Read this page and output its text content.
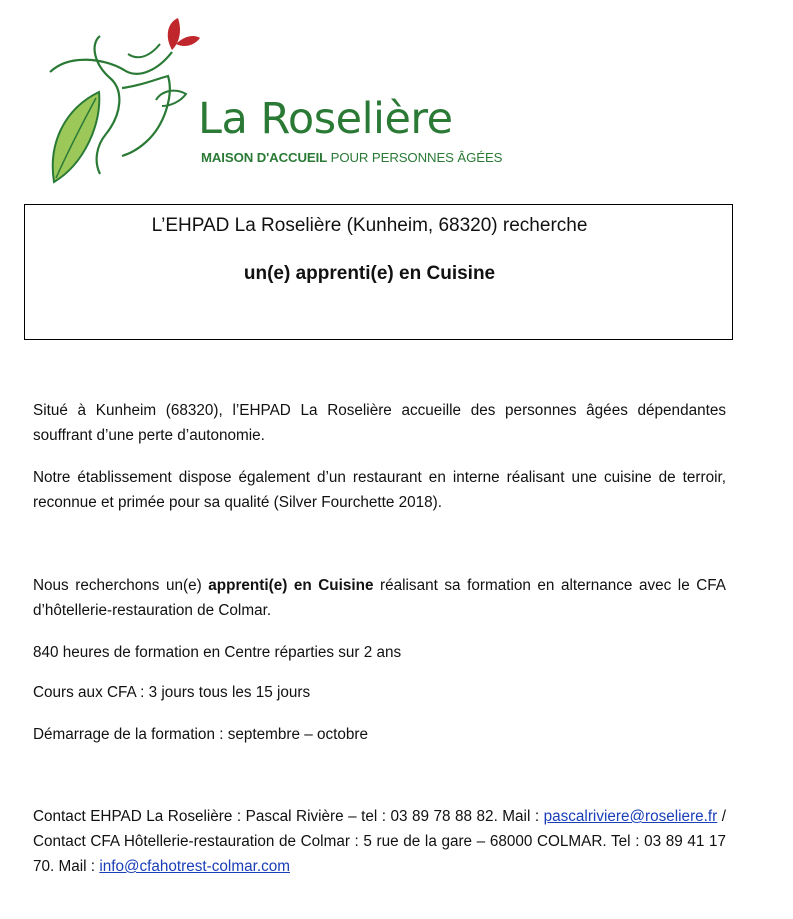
La Roselière
MAISON D'ACCUEIL POUR PERSONNES ÂGÉES
L’EHPAD La Roselière (Kunheim, 68320) recherche
un(e) apprenti(e) en Cuisine

Situé à Kunheim (68320), l’EHPAD La Roselière accueille des personnes âgées dépendantes souffrant d’une perte d’autonomie.

Notre établissement dispose également d’un restaurant en interne réalisant une cuisine de terroir, reconnue et primée pour sa qualité (Silver Fourchette 2018).

Nous recherchons un(e) apprenti(e) en Cuisine réalisant sa formation en alternance avec le CFA d’hôtellerie-restauration de Colmar.

840 heures de formation en Centre réparties sur 2 ans

Cours aux CFA : 3 jours tous les 15 jours

Démarrage de la formation : septembre – octobre

Contact EHPAD La Roselière : Pascal Rivière – tel : 03 89 78 88 82. Mail : pascalriviere@roseliere.fr / Contact CFA Hôtellerie-restauration de Colmar : 5 rue de la gare – 68000 COLMAR. Tel : 03 89 41 17 70. Mail : info@cfahotrest-colmar.com
